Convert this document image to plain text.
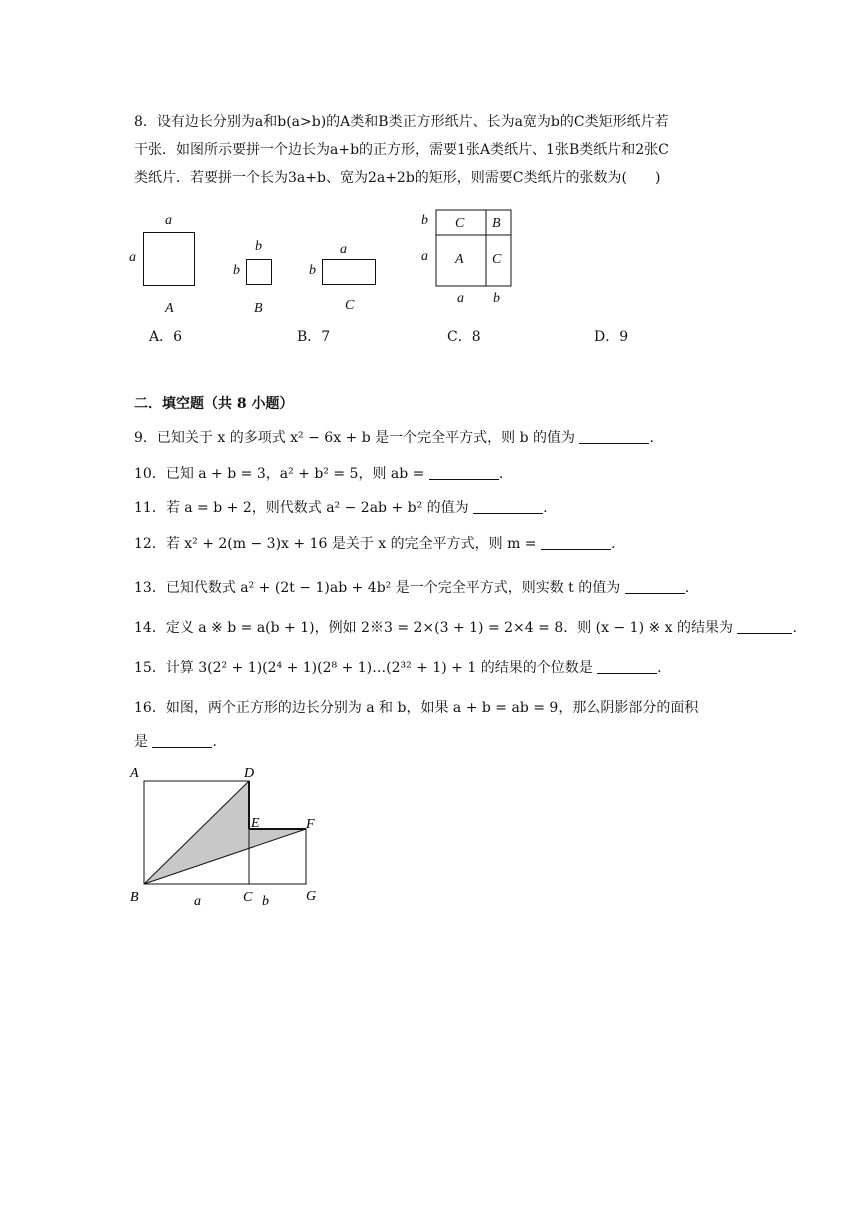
8．设有边长分别为a和b(a>b)的A类和B类正方形纸片、长为a宽为b的C类矩形纸片若
干张．如图所示要拼一个边长为a+b的正方形，需要1张A类纸片、1张B类纸片和2张C
类纸片．若要拼一个长为3a+b、宽为2a+2b的矩形，则需要C类纸片的张数为(　　)
a
a
A
b
b
B
a
b
C
b
a
C B
A C
a b
A．6	B．7	C．8	D．9
二．填空题（共 8 小题）
9．已知关于 x 的多项式 x² − 6x + b 是一个完全平方式，则 b 的值为	.
10．已知 a + b = 3，a² + b² = 5，则 ab =	.
11．若 a = b + 2，则代数式 a² − 2ab + b² 的值为	.
12．若 x² + 2(m − 3)x + 16 是关于 x 的完全平方式，则 m =	.
13．已知代数式 a² + (2t − 1)ab + 4b² 是一个完全平方式，则实数 t 的值为	.
14．定义 a ※ b = a(b + 1)，例如 2※3 = 2×(3 + 1) = 2×4 = 8．则 (x − 1) ※ x 的结果为	.
15．计算 3(2² + 1)(2⁴ + 1)(2⁸ + 1)…(2³² + 1) + 1 的结果的个位数是	.
16．如图，两个正方形的边长分别为 a 和 b，如果 a + b = ab = 9，那么阴影部分的面积
是	.
A	D
E	F
B	C	G
a	b
